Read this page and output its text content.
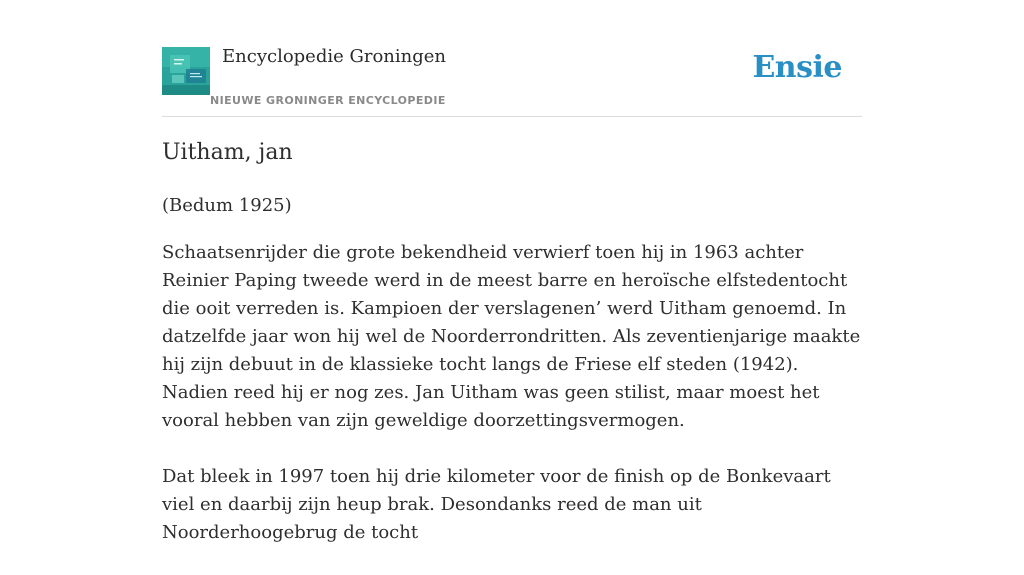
Encyclopedie Groningen
NIEUWE GRONINGER ENCYCLOPEDIE
Ensie
Uitham, jan

(Bedum 1925)

Schaatsenrijder die grote bekendheid verwierf toen hij in 1963 achter Reinier Paping tweede werd in de meest barre en heroïsche elfstedentocht die ooit verreden is. Kampioen der verslagenen’ werd Uitham genoemd. In datzelfde jaar won hij wel de Noorderrondritten. Als zeventienjarige maakte hij zijn debuut in de klassieke tocht langs de Friese elf steden (1942). Nadien reed hij er nog zes. Jan Uitham was geen stilist, maar moest het vooral hebben van zijn geweldige doorzettingsvermogen.

Dat bleek in 1997 toen hij drie kilometer voor de finish op de Bonkevaart viel en daarbij zijn heup brak. Desondanks reed de man uit Noorderhoogebrug de tocht
